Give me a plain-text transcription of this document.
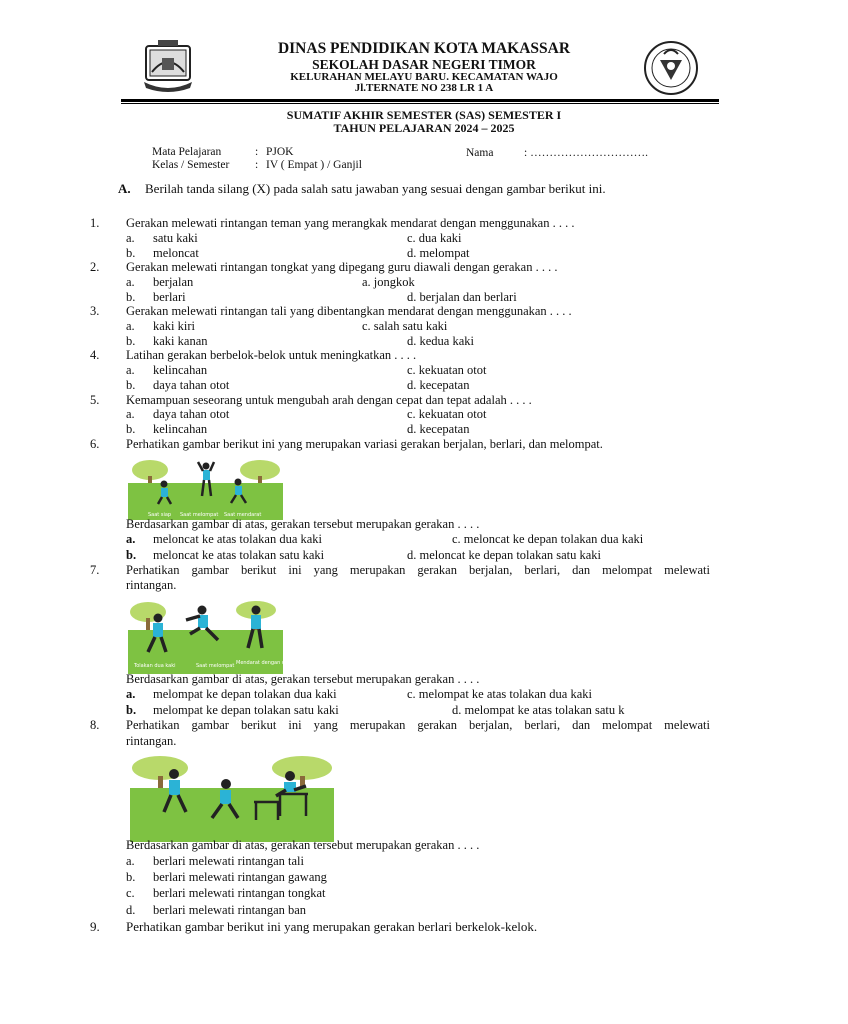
DINAS PENDIDIKAN KOTA MAKASSAR
SEKOLAH DASAR NEGERI TIMOR
KELURAHAN MELAYU BARU. KECAMATAN WAJO
Jl.TERNATE NO 238 LR 1 A
SUMATIF AKHIR SEMESTER (SAS) SEMESTER I
TAHUN PELAJARAN 2024 – 2025
Mata Pelajaran	: PJOK
Kelas / Semester : IV ( Empat ) / Ganjil
Nama	: ………………………….
A. Berilah tanda silang (X) pada salah satu jawaban yang sesuai dengan gambar berikut ini.
1. Gerakan melewati rintangan teman yang merangkak mendarat dengan menggunakan . . . .
a. satu kaki	c. dua kaki
b. meloncat	d. melompat
2. Gerakan melewati rintangan tongkat yang dipegang guru diawali dengan gerakan . . . .
a. berjalan	a. jongkok
b. berlari	d. berjalan dan berlari
3. Gerakan melewati rintangan tali yang dibentangkan mendarat dengan menggunakan . . . .
a. kaki kiri	c. salah satu kaki
b. kaki kanan	d. kedua kaki
4. Latihan gerakan berbelok-belok untuk meningkatkan . . . .
a. kelincahan	c. kekuatan otot
b. daya tahan otot	d. kecepatan
5. Kemampuan seseorang untuk mengubah arah dengan cepat dan tepat adalah . . . .
a. daya tahan otot	c. kekuatan otot
b. kelincahan	d. kecepatan
6. Perhatikan gambar berikut ini yang merupakan variasi gerakan berjalan, berlari, dan melompat.
Saat siap Saat melompat Saat mendarat
Berdasarkan gambar di atas, gerakan tersebut merupakan gerakan . . . .
a. meloncat ke atas tolakan dua kaki	c. meloncat ke depan tolakan dua kaki
b. meloncat ke atas tolakan satu kaki	d. meloncat ke depan tolakan satu kaki
7. Perhatikan gambar berikut ini yang merupakan gerakan berjalan, berlari, dan melompat melewati
rintangan.
Tolakan dua kaki	Saat melompat Mendarat dengan dua kaki
Berdasarkan gambar di atas, gerakan tersebut merupakan gerakan . . . .
a. melompat ke depan tolakan dua kaki	c. melompat ke atas tolakan dua kaki
b. melompat ke depan tolakan satu kaki	d. melompat ke atas tolakan satu k
8. Perhatikan gambar berikut ini yang merupakan gerakan berjalan, berlari, dan melompat melewati
rintangan.
Berdasarkan gambar di atas, gerakan tersebut merupakan gerakan . . . .
a. berlari melewati rintangan tali
b. berlari melewati rintangan gawang
c. berlari melewati rintangan tongkat
d. berlari melewati rintangan ban
9. Perhatikan gambar berikut ini yang merupakan gerakan berlari berkelok-kelok.
